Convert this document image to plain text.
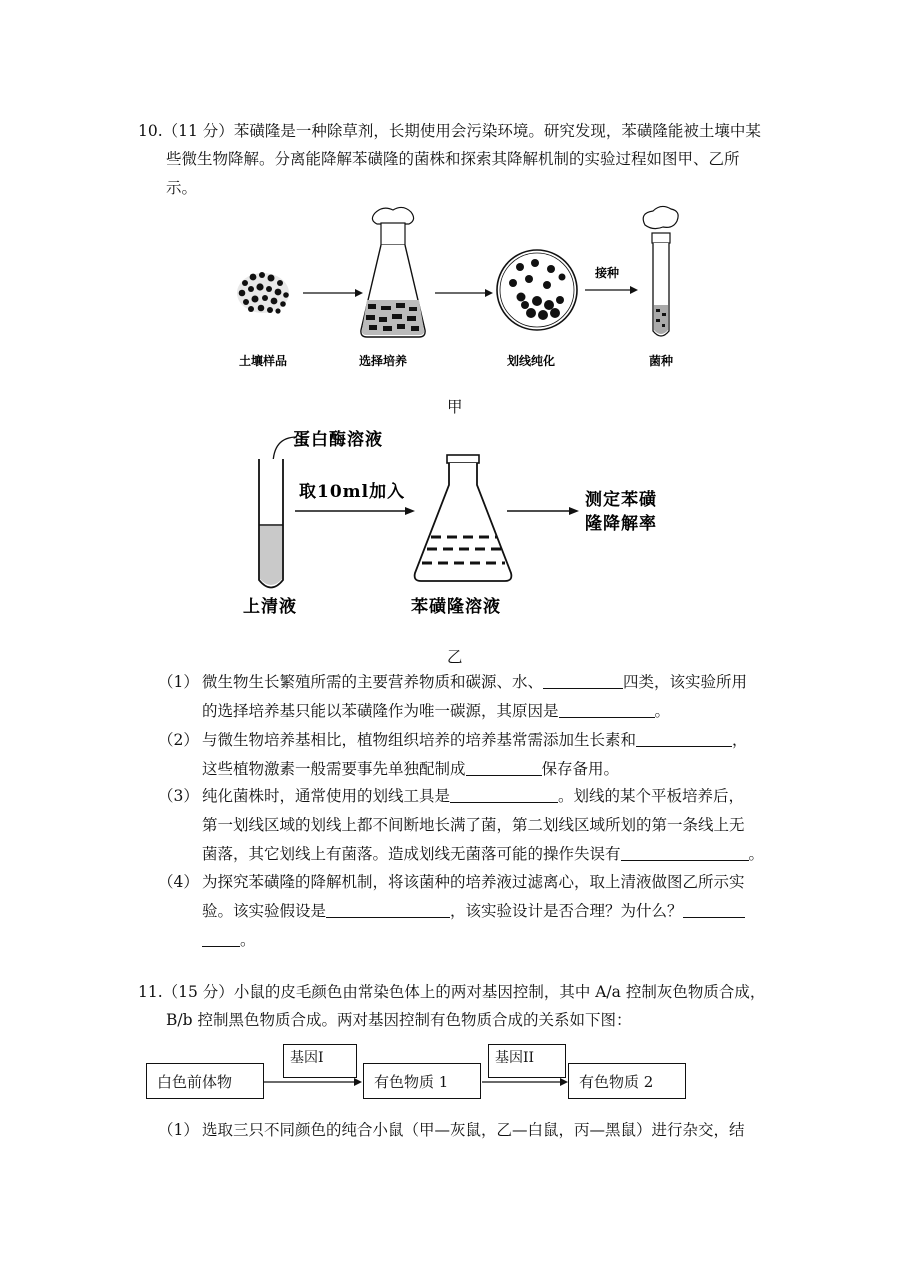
10.（11 分）苯磺隆是一种除草剂，长期使用会污染环境。研究发现，苯磺隆能被土壤中某
些微生物降解。分离能降解苯磺隆的菌株和探索其降解机制的实验过程如图甲、乙所
示。
接种
土壤样品	选择培养	划线纯化	菌种
甲
蛋白酶溶液
取10ml加入	测定苯磺
隆降解率
上清液	苯磺隆溶液
乙
（1） 微生物生长繁殖所需的主要营养物质和碳源、水、	四类，该实验所用
的选择培养基只能以苯磺隆作为唯一碳源，其原因是	。
（2） 与微生物培养基相比，植物组织培养的培养基常需添加生长素和	，
这些植物激素一般需要事先单独配制成	保存备用。
（3） 纯化菌株时，通常使用的划线工具是	。划线的某个平板培养后，
第一划线区域的划线上都不间断地长满了菌，第二划线区域所划的第一条线上无
菌落，其它划线上有菌落。造成划线无菌落可能的操作失误有	。
（4） 为探究苯磺隆的降解机制，将该菌种的培养液过滤离心，取上清液做图乙所示实
验。该实验假设是	，该实验设计是否合理？为什么？
。
11.（15 分）小鼠的皮毛颜色由常染色体上的两对基因控制，其中 A/a 控制灰色物质合成，
B/b 控制黑色物质合成。两对基因控制有色物质合成的关系如下图：
白色前体物
基因I
有色物质 1
基因II
有色物质 2
（1） 选取三只不同颜色的纯合小鼠（甲—灰鼠，乙—白鼠，丙—黑鼠）进行杂交，结
